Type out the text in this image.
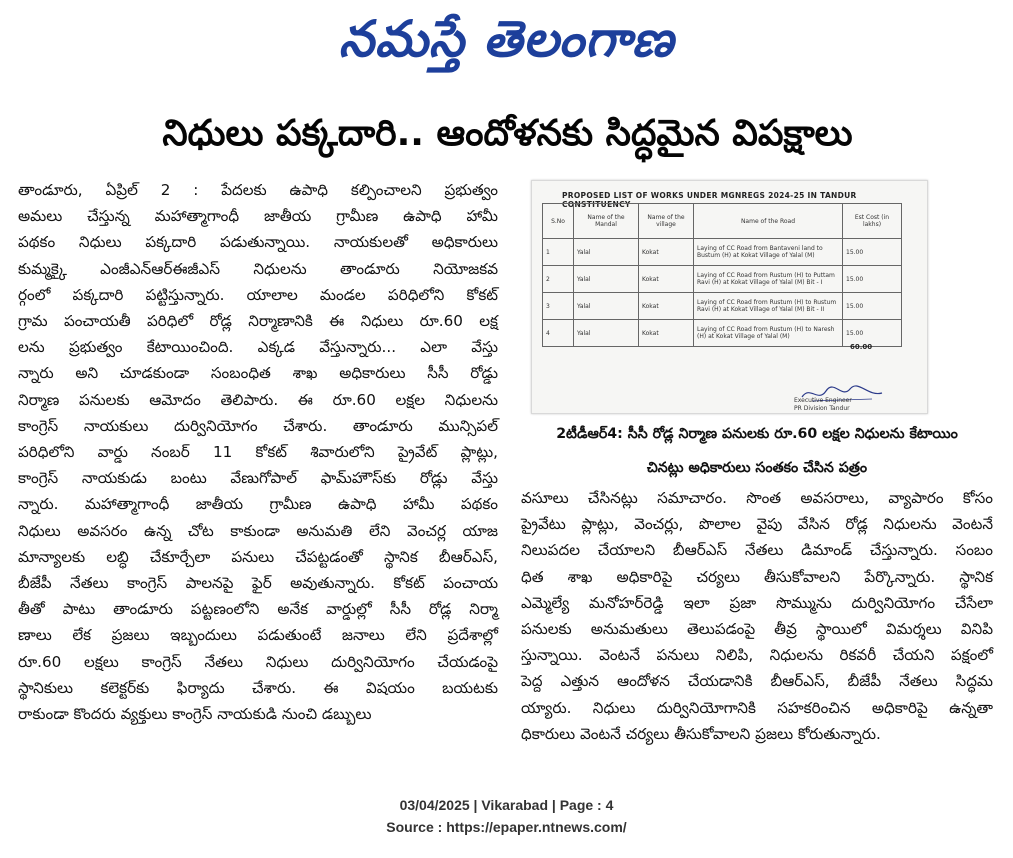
నమస్తే తెలంగాణ
నిధులు పక్కదారి.. ఆందోళనకు సిద్ధమైన విపక్షాలు

తాండూరు, ఏప్రిల్ 2 : పేదలకు ఉపాధి కల్పించాలని ప్రభుత్వం

అమలు చేస్తున్న మహాత్మాగాంధీ జాతీయ గ్రామీణ ఉపాధి హామీ

పథకం నిధులు పక్కదారి పడుతున్నాయి. నాయకులతో అధికారులు

కుమ్మక్కై ఎంజీఎన్ఆర్ఈజీఎస్ నిధులను తాండూరు నియోజకవ

ర్గంలో పక్కదారి పట్టిస్తున్నారు. యాలాల మండల పరిధిలోని కోకట్

గ్రామ పంచాయతీ పరిధిలో రోడ్ల నిర్మాణానికి ఈ నిధులు రూ.60 లక్ష

లను ప్రభుత్వం కేటాయించింది. ఎక్కడ వేస్తున్నారు... ఎలా వేస్తు

న్నారు అని చూడకుండా సంబంధిత శాఖ అధికారులు సీసీ రోడ్డు

నిర్మాణ పనులకు ఆమోదం తెలిపారు. ఈ రూ.60 లక్షల నిధులను

కాంగ్రెస్ నాయకులు దుర్వినియోగం చేశారు. తాండూరు మున్సిపల్

పరిధిలోని వార్డు నంబర్ 11 కోకట్ శివారులోని ప్రైవేట్ ప్లాట్లు,

కాంగ్రెస్ నాయకుడు బంటు వేణుగోపాల్ ఫామ్‌హౌస్‌కు రోడ్లు వేస్తు

న్నారు. మహాత్మాగాంధీ జాతీయ గ్రామీణ ఉపాధి హామీ పథకం

నిధులు అవసరం ఉన్న చోట కాకుండా అనుమతి లేని వెంచర్ల యాజ

మాన్యాలకు లబ్ధి చేకూర్చేలా పనులు చేపట్టడంతో స్థానిక బీఆర్ఎస్,

బీజేపీ నేతలు కాంగ్రెస్ పాలనపై ఫైర్ అవుతున్నారు. కోకట్ పంచాయ

తీతో పాటు తాండూరు పట్టణంలోని అనేక వార్డుల్లో సీసీ రోడ్ల నిర్మా

ణాలు లేక ప్రజలు ఇబ్బందులు పడుతుంటే జనాలు లేని ప్రదేశాల్లో

రూ.60 లక్షలు కాంగ్రెస్ నేతలు నిధులు దుర్వినియోగం చేయడంపై

స్థానికులు కలెక్టర్‌కు ఫిర్యాదు చేశారు. ఈ విషయం బయటకు

రాకుండా కొందరు వ్యక్తులు కాంగ్రెస్ నాయకుడి నుంచి డబ్బులు

PROPOSED LIST OF WORKS UNDER MGNREGS 2024-25 IN TANDUR CONSTITUENCY
S.No	Name of the Mandal	Name of the village	Name of the Road	Est Cost (in lakhs)
1	Yalal	Kokat	Laying of CC Road from Bantaveni land to Bustum (H) at Kokat Village of Yalal (M)	15.00
2	Yalal	Kokat	Laying of CC Road from Rustum (H) to Puttam Ravi (H) at Kokat Village of Yalal (M) Bit - I	15.00
3	Yalal	Kokat	Laying of CC Road from Rustum (H) to Rustum Ravi (H) at Kokat Village of Yalal (M) Bit - II	15.00
4	Yalal	Kokat	Laying of CC Road from Rustum (H) to Naresh (H) at Kokat Village of Yalal (M)	15.00
60.00
Executive Engineer
PR Division Tandur
2టీడీఆర్4: సీసీ రోడ్ల నిర్మాణ పనులకు రూ.60 లక్షల నిధులను కేటాయిం
చినట్లు అధికారులు సంతకం చేసిన పత్రం

వసూలు చేసినట్లు సమాచారం. సొంత అవసరాలు, వ్యాపారం కోసం

ప్రైవేటు ప్లాట్లు, వెంచర్లు, పొలాల వైపు వేసిన రోడ్ల నిధులను వెంటనే

నిలుపదల చేయాలని బీఆర్ఎస్ నేతలు డిమాండ్ చేస్తున్నారు. సంబం

ధిత శాఖ అధికారిపై చర్యలు తీసుకోవాలని పేర్కొన్నారు. స్థానిక

ఎమ్మెల్యే మనోహర్‌రెడ్డి ఇలా ప్రజా సొమ్మును దుర్వినియోగం చేసేలా

పనులకు అనుమతులు తెలుపడంపై తీవ్ర స్థాయిలో విమర్శలు వినిపి

స్తున్నాయి. వెంటనే పనులు నిలిపి, నిధులను రికవరీ చేయని పక్షంలో

పెద్ద ఎత్తున ఆందోళన చేయడానికి బీఆర్ఎస్, బీజేపీ నేతలు సిద్ధమ

య్యారు. నిధులు దుర్వినియోగానికి సహకరించిన అధికారిపై ఉన్నతా

ధికారులు వెంటనే చర్యలు తీసుకోవాలని ప్రజలు కోరుతున్నారు.

03/04/2025 | Vikarabad | Page : 4
Source : https://epaper.ntnews.com/
